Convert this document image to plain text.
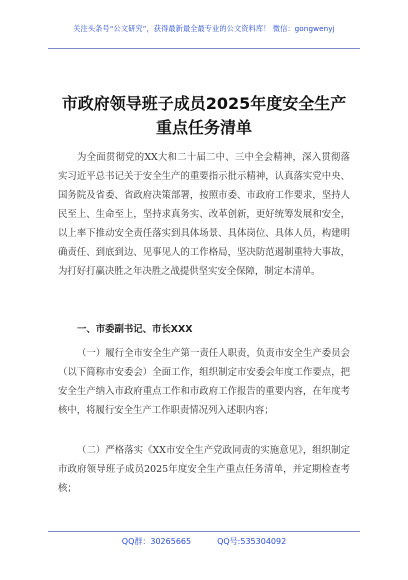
关注头条号“公文研究”，获得最新最全最专业的公文资料库！ 微信：gongwenyj
市政府领导班子成员2025年度安全生产重点任务清单
为全面贯彻党的XX大和二十届二中、三中全会精神，深入贯彻落实习近平总书记关于安全生产的重要指示批示精神，认真落实党中央、国务院及省委、省政府决策部署，按照市委、市政府工作要求，坚持人民至上、生命至上，坚持求真务实、改革创新，更好统筹发展和安全，以上率下推动安全责任落实到具体场景、具体岗位、具体人员，构建明确责任、到底到边、见事见人的工作格局，坚决防范遏制重特大事故，为打好打赢决胜之年决胜之战提供坚实安全保障，制定本清单。
一、市委副书记、市长XXX
（一）履行全市安全生产第一责任人职责，负责市安全生产委员会（以下简称市安委会）全面工作，组织制定市安委会年度工作要点，把安全生产纳入市政府重点工作和市政府工作报告的重要内容，在年度考核中，将履行安全生产工作职责情况列入述职内容；
（二）严格落实《XX市安全生产党政同责的实施意见》，组织制定市政府领导班子成员2025年度安全生产重点任务清单，并定期检查考核；
QQ群：30265665	QQ号:535304092
